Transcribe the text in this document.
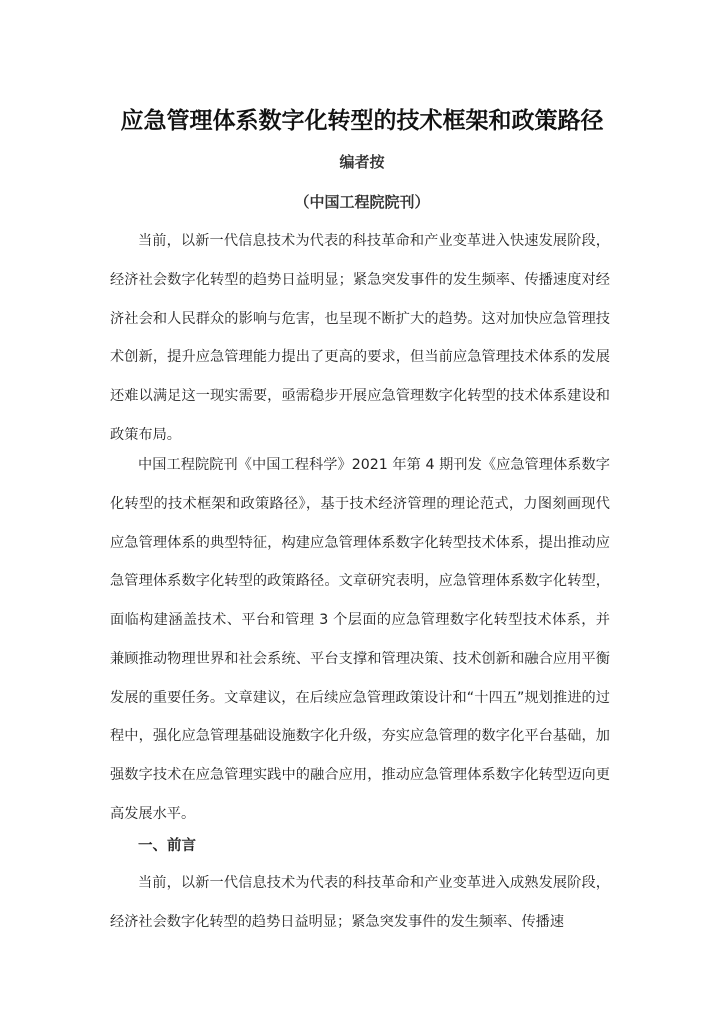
应急管理体系数字化转型的技术框架和政策路径
编者按
（中国工程院院刊）

当前，以新一代信息技术为代表的科技革命和产业变革进入快速发展阶段，经济社会数字化转型的趋势日益明显；紧急突发事件的发生频率、传播速度对经济社会和人民群众的影响与危害，也呈现不断扩大的趋势。这对加快应急管理技术创新，提升应急管理能力提出了更高的要求，但当前应急管理技术体系的发展还难以满足这一现实需要，亟需稳步开展应急管理数字化转型的技术体系建设和政策布局。

中国工程院院刊《中国工程科学》2021 年第 4 期刊发《应急管理体系数字化转型的技术框架和政策路径》，基于技术经济管理的理论范式，力图刻画现代应急管理体系的典型特征，构建应急管理体系数字化转型技术体系，提出推动应急管理体系数字化转型的政策路径。文章研究表明，应急管理体系数字化转型，面临构建涵盖技术、平台和管理 3 个层面的应急管理数字化转型技术体系，并兼顾推动物理世界和社会系统、平台支撑和管理决策、技术创新和融合应用平衡发展的重要任务。文章建议，在后续应急管理政策设计和“十四五”规划推进的过程中，强化应急管理基础设施数字化升级，夯实应急管理的数字化平台基础，加强数字技术在应急管理实践中的融合应用，推动应急管理体系数字化转型迈向更高发展水平。

一、前言

当前，以新一代信息技术为代表的科技革命和产业变革进入成熟发展阶段，经济社会数字化转型的趋势日益明显；紧急突发事件的发生频率、传播速
